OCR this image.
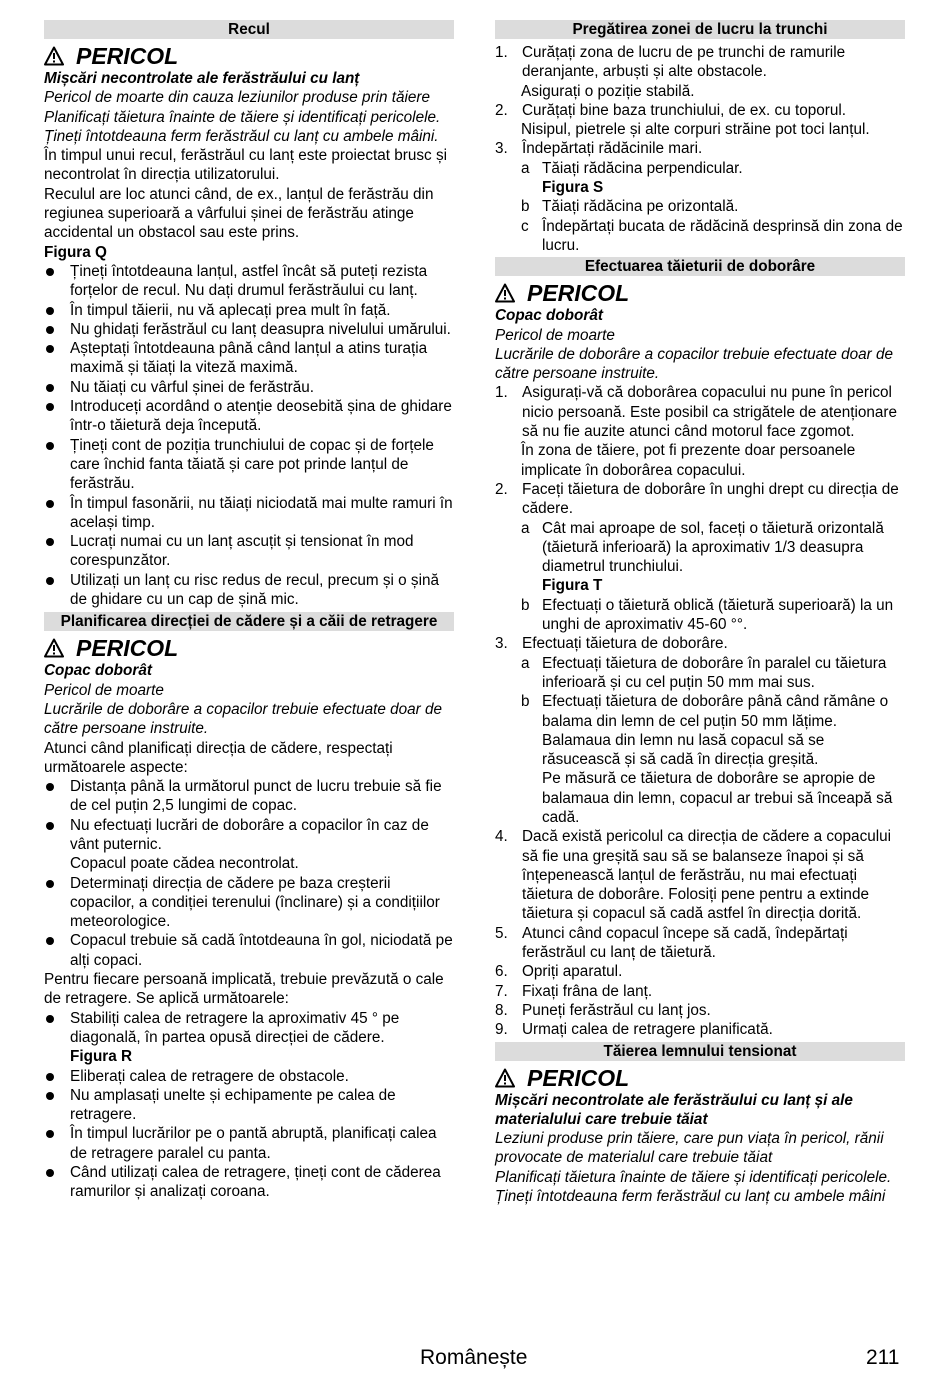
Recul
PERICOL
Mișcări necontrolate ale ferăstrăului cu lanț
Pericol de moarte din cauza leziunilor produse prin tăiere
Planificați tăietura înainte de tăiere și identificați pericolele.
Țineți întotdeauna ferm ferăstrăul cu lanț cu ambele mâini.
În timpul unui recul, ferăstrăul cu lanț este proiectat brusc și necontrolat în direcția utilizatorului.
Reculul are loc atunci când, de ex., lanțul de ferăstrău din regiunea superioară a vârfului șinei de ferăstrău atinge accidental un obstacol sau este prins.
Figura Q
Țineți întotdeauna lanțul, astfel încât să puteți rezista forțelor de recul. Nu dați drumul ferăstrăului cu lanț.
În timpul tăierii, nu vă aplecați prea mult în față.
Nu ghidați ferăstrăul cu lanț deasupra nivelului umărului.
Așteptați întotdeauna până când lanțul a atins turația maximă și tăiați la viteză maximă.
Nu tăiați cu vârful șinei de ferăstrău.
Introduceți acordând o atenție deosebită șina de ghidare într-o tăietură deja începută.
Țineți cont de poziția trunchiului de copac și de forțele care închid fanta tăiată și care pot prinde lanțul de ferăstrău.
În timpul fasonării, nu tăiați niciodată mai multe ramuri în același timp.
Lucrați numai cu un lanț ascuțit și tensionat în mod corespunzător.
Utilizați un lanț cu risc redus de recul, precum și o șină de ghidare cu un cap de șină mic.
Planificarea direcției de cădere și a căii de retragere
PERICOL
Copac doborât
Pericol de moarte
Lucrările de doborâre a copacilor trebuie efectuate doar de către persoane instruite.
Atunci când planificați direcția de cădere, respectați următoarele aspecte:
Distanța până la următorul punct de lucru trebuie să fie de cel puțin 2,5 lungimi de copac.
Nu efectuați lucrări de doborâre a copacilor în caz de vânt puternic.
Copacul poate cădea necontrolat.
Determinați direcția de cădere pe baza creșterii copacilor, a condiției terenului (înclinare) și a condițiilor meteorologice.
Copacul trebuie să cadă întotdeauna în gol, niciodată pe alți copaci.
Pentru fiecare persoană implicată, trebuie prevăzută o cale de retragere. Se aplică următoarele:
Stabiliți calea de retragere la aproximativ 45 ° pe diagonală, în partea opusă direcției de cădere.
Figura R
Eliberați calea de retragere de obstacole.
Nu amplasați unelte și echipamente pe calea de retragere.
În timpul lucrărilor pe o pantă abruptă, planificați calea de retragere paralel cu panta.
Când utilizați calea de retragere, țineți cont de căderea ramurilor și analizați coroana.
Pregătirea zonei de lucru la trunchi
1. Curățați zona de lucru de pe trunchi de ramurile deranjante, arbuști și alte obstacole.
Asigurați o poziție stabilă.
2. Curățați bine baza trunchiului, de ex. cu toporul.
Nisipul, pietrele și alte corpuri străine pot toci lanțul.
3. Îndepărtați rădăcinile mari.
a Tăiați rădăcina perpendicular.
Figura S
b Tăiați rădăcina pe orizontală.
c Îndepărtați bucata de rădăcină desprinsă din zona de lucru.
Efectuarea tăieturii de doborâre
PERICOL
Copac doborât
Pericol de moarte
Lucrările de doborâre a copacilor trebuie efectuate doar de către persoane instruite.
1. Asigurați-vă că doborârea copacului nu pune în pericol nicio persoană. Este posibil ca strigătele de atenționare să nu fie auzite atunci când motorul face zgomot.
În zona de tăiere, pot fi prezente doar persoanele implicate în doborârea copacului.
2. Faceți tăietura de doborâre în unghi drept cu direcția de cădere.
a Cât mai aproape de sol, faceți o tăietură orizontală (tăietură inferioară) la aproximativ 1/3 deasupra diametrul trunchiului.
Figura T
b Efectuați o tăietură oblică (tăietură superioară) la un unghi de aproximativ 45-60 °°.
3. Efectuați tăietura de doborâre.
a Efectuați tăietura de doborâre în paralel cu tăietura inferioară și cu cel puțin 50 mm mai sus.
b Efectuați tăietura de doborâre până când rămâne o balama din lemn de cel puțin 50 mm lățime.
Balamaua din lemn nu lasă copacul să se răsucească și să cadă în direcția greșită.
Pe măsură ce tăietura de doborâre se apropie de balamaua din lemn, copacul ar trebui să înceapă să cadă.
4. Dacă există pericolul ca direcția de cădere a copacului să fie una greșită sau să se balanseze înapoi și să înțepenească lanțul de ferăstrău, nu mai efectuați tăietura de doborâre. Folosiți pene pentru a extinde tăietura și copacul să cadă astfel în direcția dorită.
5. Atunci când copacul începe să cadă, îndepărtați ferăstrăul cu lanț de tăietură.
6. Opriți aparatul.
7. Fixați frâna de lanț.
8. Puneți ferăstrăul cu lanț jos.
9. Urmați calea de retragere planificată.
Tăierea lemnului tensionat
PERICOL
Mișcări necontrolate ale ferăstrăului cu lanț și ale materialului care trebuie tăiat
Leziuni produse prin tăiere, care pun viața în pericol, rănii provocate de materialul care trebuie tăiat
Planificați tăietura înainte de tăiere și identificați pericolele.
Țineți întotdeauna ferm ferăstrăul cu lanț cu ambele mâini
Românește	211
